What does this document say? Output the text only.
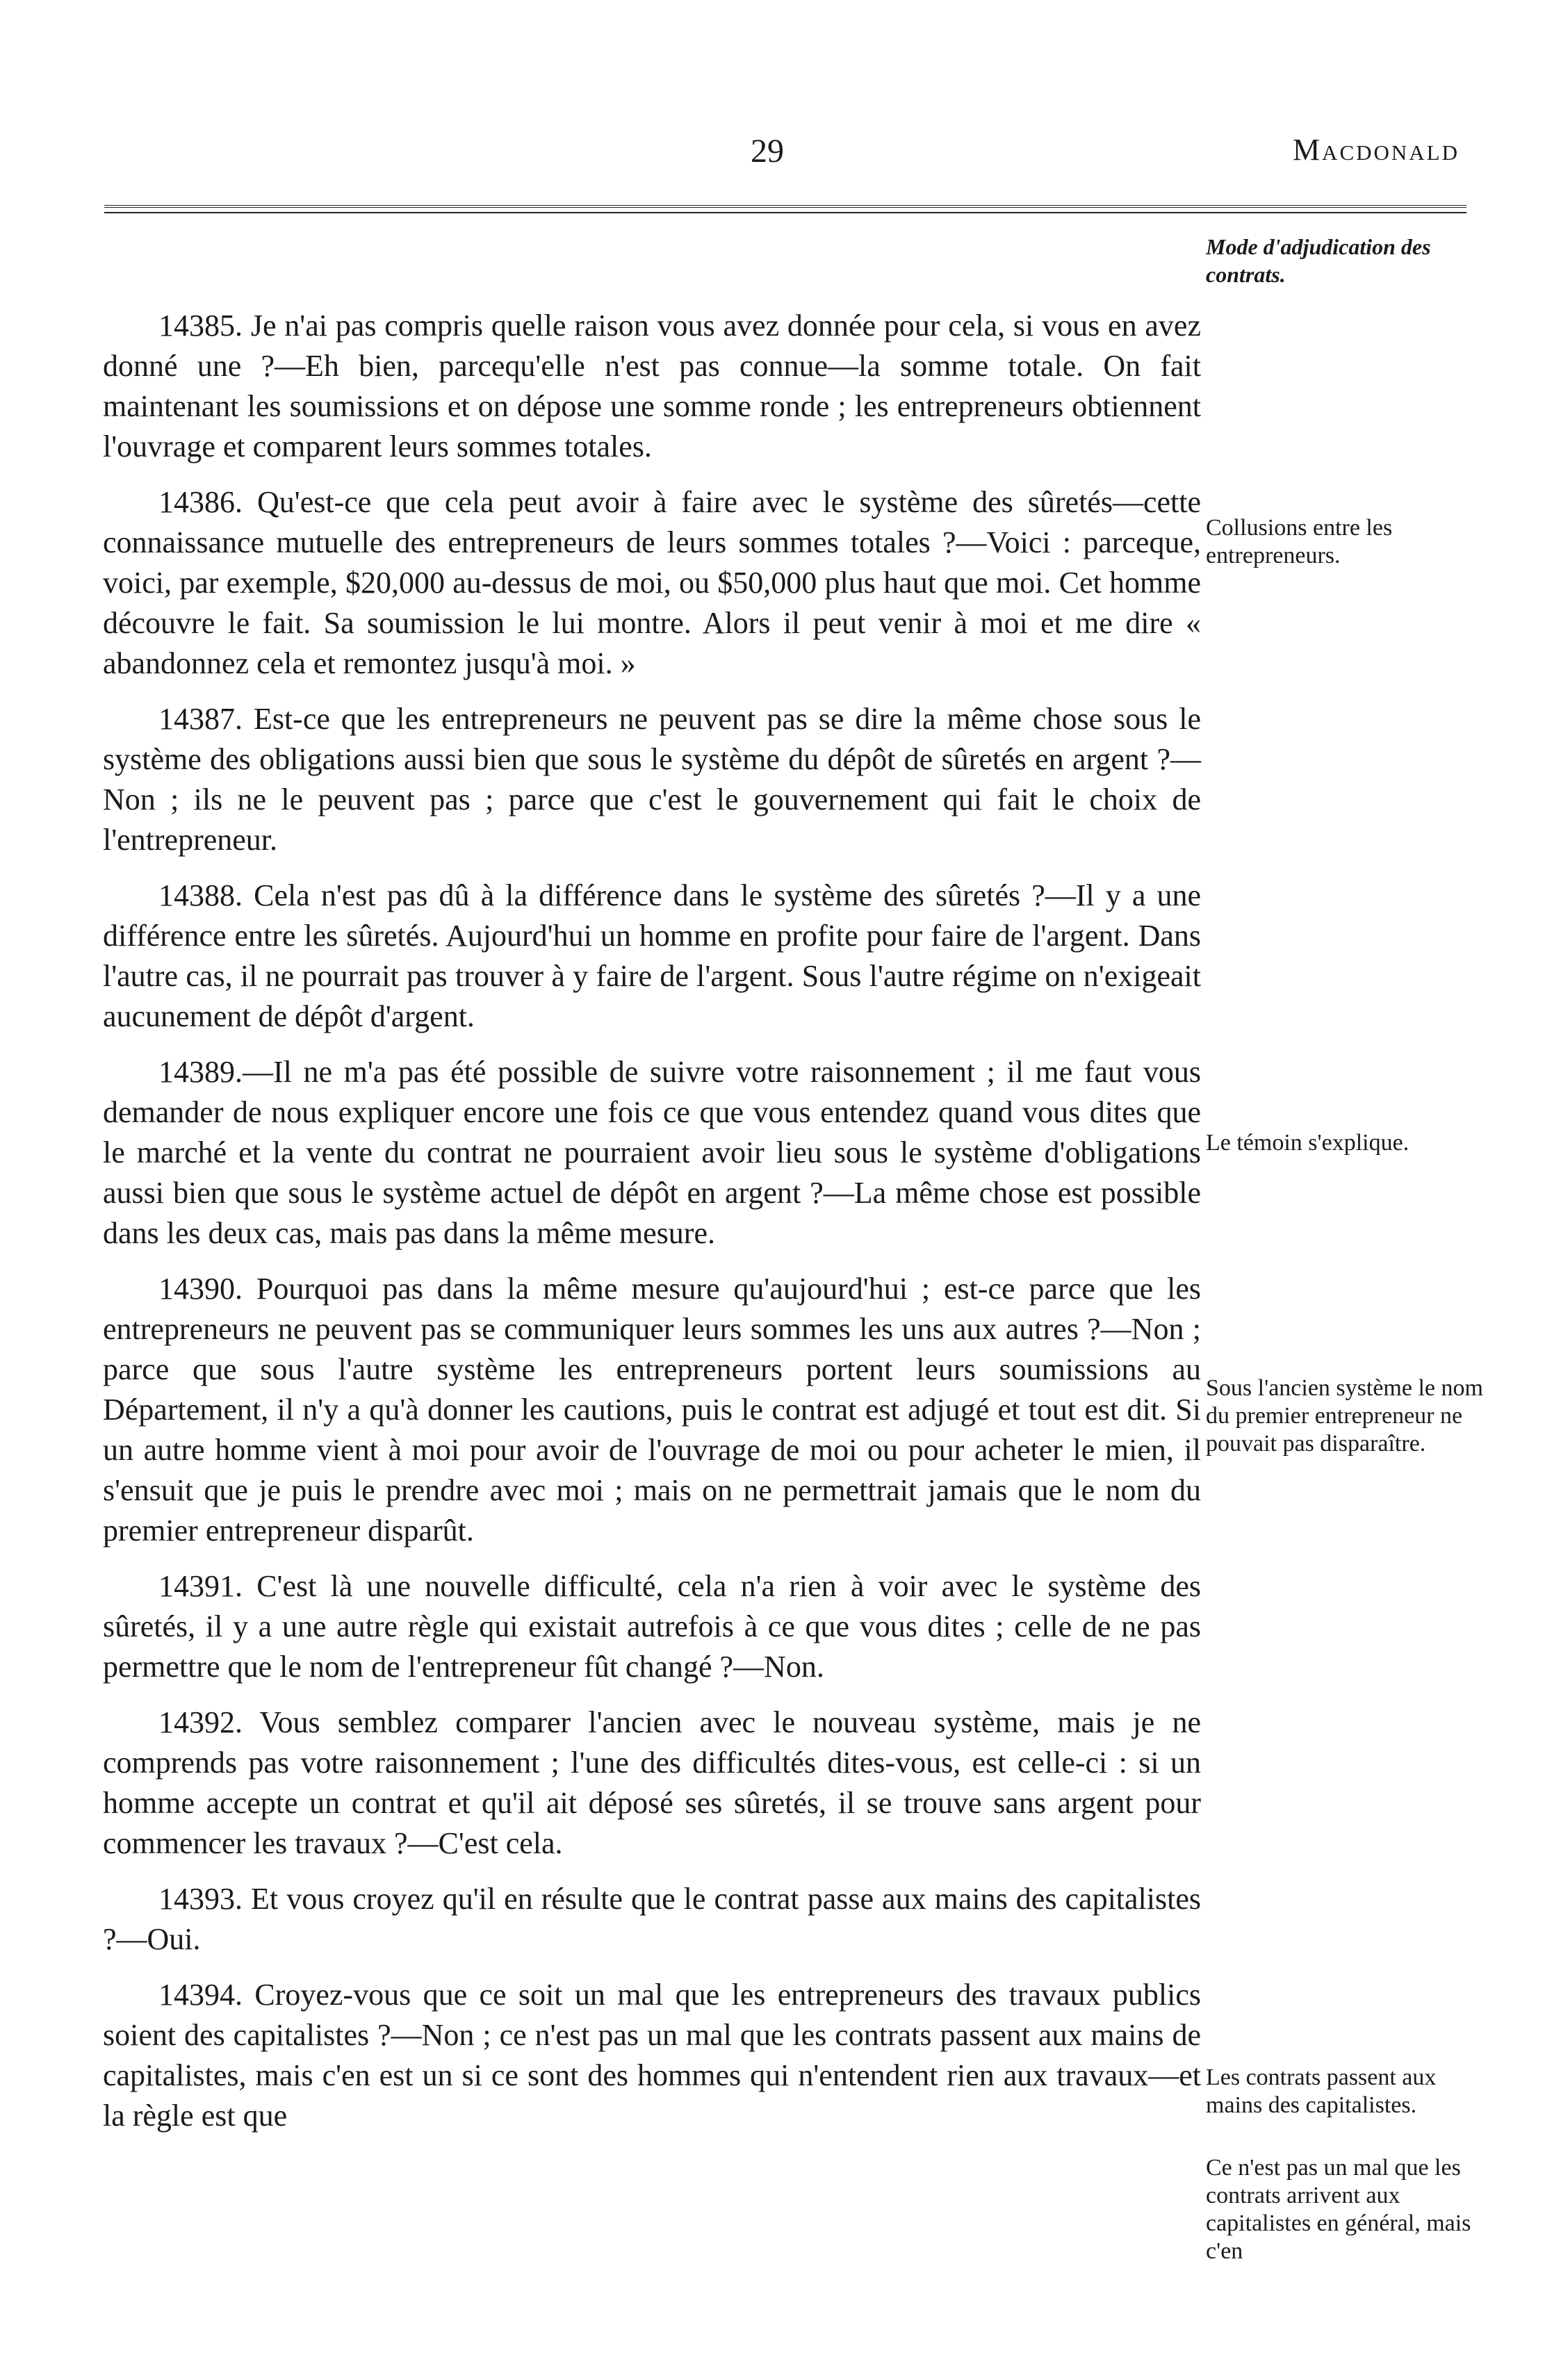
29	Macdonald
Mode d'adjudication des contrats.
Collusions entre les entrepreneurs.
Le témoin s'explique.
Sous l'ancien système le nom du premier entrepreneur ne pouvait pas disparaître.
Les contrats passent aux mains des capitalistes.
Ce n'est pas un mal que les contrats arrivent aux capitalistes en général, mais c'en

14385. Je n'ai pas compris quelle raison vous avez donnée pour cela, si vous en avez donné une ?—Eh bien, parcequ'elle n'est pas connue—la somme totale. On fait maintenant les soumissions et on dépose une somme ronde ; les entrepreneurs obtiennent l'ouvrage et comparent leurs sommes totales.

14386. Qu'est-ce que cela peut avoir à faire avec le système des sûretés—cette connaissance mutuelle des entrepreneurs de leurs sommes totales ?—Voici : parceque, voici, par exemple, $20,000 au-dessus de moi, ou $50,000 plus haut que moi. Cet homme découvre le fait. Sa soumission le lui montre. Alors il peut venir à moi et me dire « abandonnez cela et remontez jusqu'à moi. »

14387. Est-ce que les entrepreneurs ne peuvent pas se dire la même chose sous le système des obligations aussi bien que sous le système du dépôt de sûretés en argent ?—Non ; ils ne le peuvent pas ; parce que c'est le gouvernement qui fait le choix de l'entrepreneur.

14388. Cela n'est pas dû à la différence dans le système des sûretés ?—Il y a une différence entre les sûretés. Aujourd'hui un homme en profite pour faire de l'argent. Dans l'autre cas, il ne pourrait pas trouver à y faire de l'argent. Sous l'autre régime on n'exigeait aucunement de dépôt d'argent.

14389.—Il ne m'a pas été possible de suivre votre raisonnement ; il me faut vous demander de nous expliquer encore une fois ce que vous entendez quand vous dites que le marché et la vente du contrat ne pourraient avoir lieu sous le système d'obligations aussi bien que sous le système actuel de dépôt en argent ?—La même chose est possible dans les deux cas, mais pas dans la même mesure.

14390. Pourquoi pas dans la même mesure qu'aujourd'hui ; est-ce parce que les entrepreneurs ne peuvent pas se communiquer leurs sommes les uns aux autres ?—Non ; parce que sous l'autre système les entrepreneurs portent leurs soumissions au Département, il n'y a qu'à donner les cautions, puis le contrat est adjugé et tout est dit. Si un autre homme vient à moi pour avoir de l'ouvrage de moi ou pour acheter le mien, il s'ensuit que je puis le prendre avec moi ; mais on ne permettrait jamais que le nom du premier entrepreneur disparût.

14391. C'est là une nouvelle difficulté, cela n'a rien à voir avec le système des sûretés, il y a une autre règle qui existait autrefois à ce que vous dites ; celle de ne pas permettre que le nom de l'entrepreneur fût changé ?—Non.

14392. Vous semblez comparer l'ancien avec le nouveau système, mais je ne comprends pas votre raisonnement ; l'une des difficultés dites-vous, est celle-ci : si un homme accepte un contrat et qu'il ait déposé ses sûretés, il se trouve sans argent pour commencer les travaux ?—C'est cela.

14393. Et vous croyez qu'il en résulte que le contrat passe aux mains des capitalistes ?—Oui.

14394. Croyez-vous que ce soit un mal que les entrepreneurs des travaux publics soient des capitalistes ?—Non ; ce n'est pas un mal que les contrats passent aux mains de capitalistes, mais c'en est un si ce sont des hommes qui n'entendent rien aux travaux—et la règle est que
